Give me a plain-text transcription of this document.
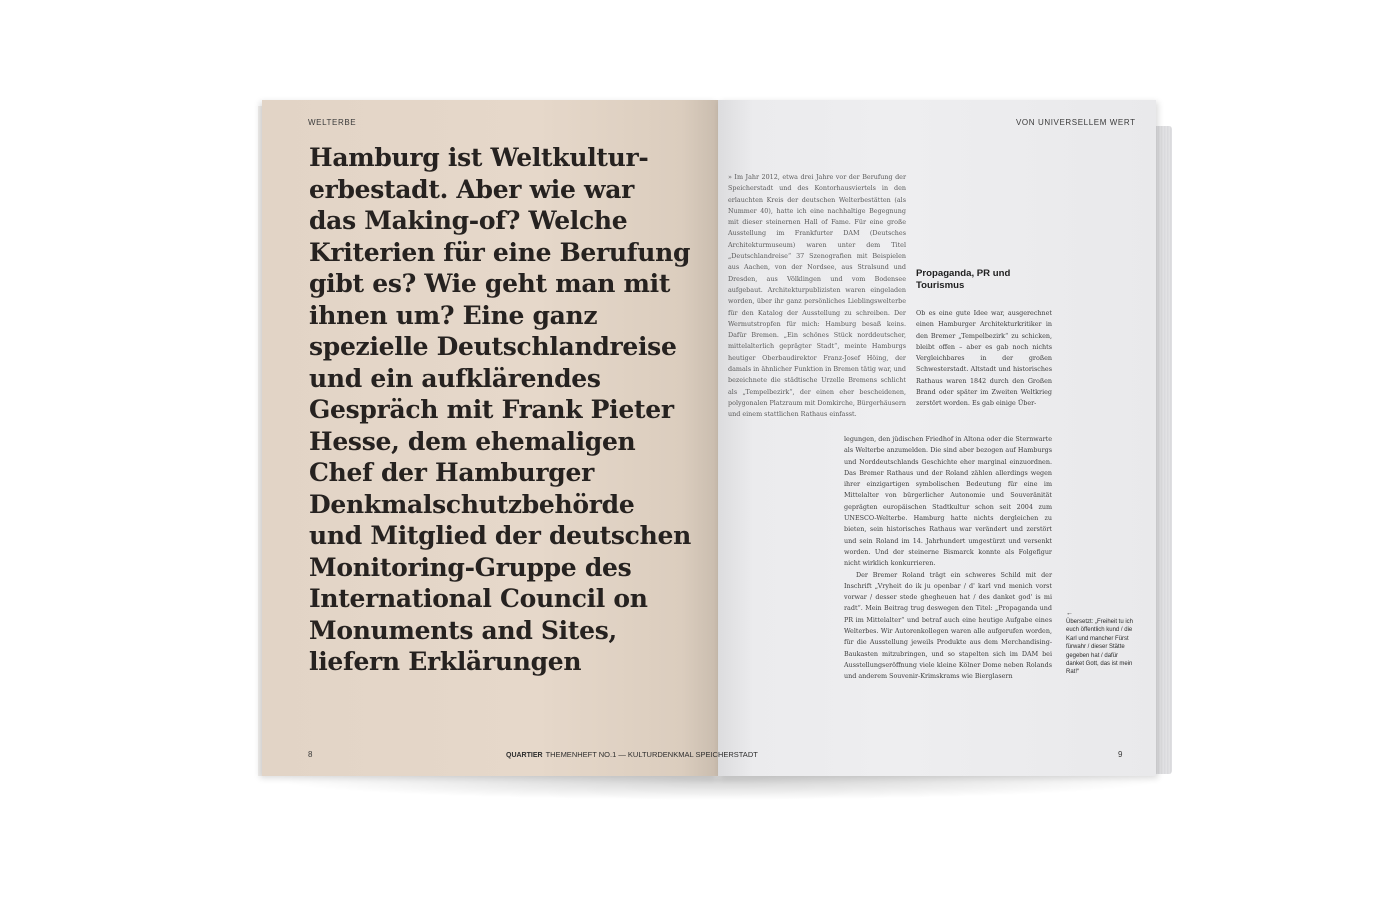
WELTERBE
Hamburg ist Weltkultur-
erbestadt. Aber wie war
das Making-of? Welche
Kriterien für eine Berufung
gibt es? Wie geht man mit
ihnen um? Eine ganz
spezielle Deutschlandreise
und ein aufklärendes
Gespräch mit Frank Pieter
Hesse, dem ehemaligen
Chef der Hamburger
Denkmalschutzbehörde
und Mitglied der deutschen
Monitoring-Gruppe des
International Council on
Monuments and Sites,
liefern Erklärungen
VON UNIVERSELLEM WERT

» Im Jahr 2012, etwa drei Jahre vor der Berufung der Speicherstadt und des Kontorhausviertels in den erlauchten Kreis der deutschen Welterbestätten (als Nummer 40), hatte ich eine nachhaltige Begegnung mit dieser steinernen Hall of Fame. Für eine große Ausstellung im Frankfurter DAM (Deutsches Architekturmuseum) waren unter dem Titel „Deutschlandreise“ 37 Szenografien mit Beispielen aus Aachen, von der Nordsee, aus Stralsund und Dresden, aus Völklingen und vom Bodensee aufgebaut. Architekturpublizisten waren eingeladen worden, über ihr ganz persönliches Lieblingswelterbe für den Katalog der Ausstellung zu schreiben. Der Wermutstropfen für mich: Hamburg besaß keins. Dafür Bremen. „Ein schönes Stück norddeutscher, mittelalterlich geprägter Stadt“, meinte Hamburgs heutiger Oberbaudirektor Franz-Josef Höing, der damals in ähnlicher Funktion in Bremen tätig war, und bezeichnete die städtische Urzelle Bremens schlicht als „Tempelbezirk“, der einen eher bescheidenen, polygonalen Platzraum mit Domkirche, Bürgerhäusern und einem stattlichen Rathaus einfasst.

Propaganda, PR und Tourismus

Ob es eine gute Idee war, ausgerechnet einen Hamburger Architekturkritiker in den Bremer „Tempelbezirk“ zu schicken, bleibt offen – aber es gab noch nichts Vergleichbares in der großen Schwesterstadt. Altstadt und historisches Rathaus waren 1842 durch den Großen Brand oder später im Zweiten Weltkrieg zerstört worden. Es gab einige Über-

legungen, den jüdischen Friedhof in Altona oder die Sternwarte als Welterbe anzumelden. Die sind aber bezogen auf Hamburgs und Norddeutschlands Geschichte eher marginal einzuordnen. Das Bremer Rathaus und der Roland zählen allerdings wegen ihrer einzigartigen symbolischen Bedeutung für eine im Mittelalter von bürgerlicher Autonomie und Souveränität geprägten europäischen Stadtkultur schon seit 2004 zum UNESCO-Welterbe. Hamburg hatte nichts dergleichen zu bieten, sein historisches Rathaus war verändert und zerstört und sein Roland im 14. Jahrhundert umgestürzt und versenkt worden. Und der steinerne Bismarck konnte als Folgefigur nicht wirklich konkurrieren.

Der Bremer Roland trägt ein schweres Schild mit der Inschrift „Vryheit do ik ju openbar / d' karl vnd menich vorst vorwar / desser stede ghegheuen hat / des danket god' is mi radt“. Mein Beitrag trug deswegen den Titel: „Propaganda und PR im Mittelalter“ und betraf auch eine heutige Aufgabe eines Welterbes. Wir Autorenkollegen waren alle aufgerufen worden, für die Ausstellung jeweils Produkte aus dem Merchandising-Baukasten mitzubringen, und so stapelten sich im DAM bei Ausstellungseröffnung viele kleine Kölner Dome neben Rolands und anderem Souvenir-Krimskrams wie Bierglasern

←
Übersetzt: „Freiheit tu ich euch öffentlich kund / die Karl und mancher Fürst fürwahr / dieser Stätte gegeben hat / dafür danket Gott, das ist mein Rat!“
8	QUARTIER THEMENHEFT NO.1 — KULTURDENKMAL SPEICHERSTADT	9
